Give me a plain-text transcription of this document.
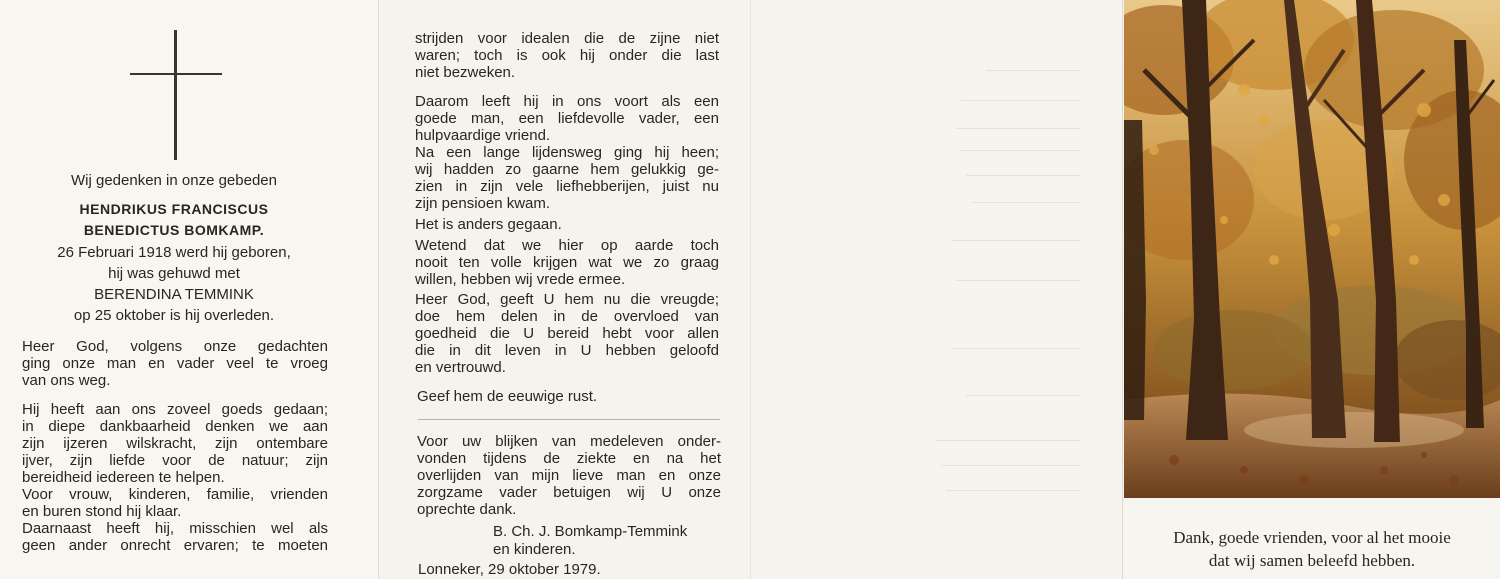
Wij gedenken in onze gebeden
HENDRIKUS FRANCISCUS
BENEDICTUS BOMKAMP.
26 Februari 1918 werd hij geboren,
hij was gehuwd met
BERENDINA TEMMINK
op 25 oktober is hij overleden.
Heer God, volgens onze gedachten
ging onze man en vader veel te vroeg
van ons weg.
Hij heeft aan ons zoveel goeds gedaan;
in diepe dankbaarheid denken we aan
zijn ijzeren wilskracht, zijn ontembare
ijver, zijn liefde voor de natuur; zijn
bereidheid iedereen te helpen.
Voor vrouw, kinderen, familie, vrienden
en buren stond hij klaar.
Daarnaast heeft hij, misschien wel als
geen ander onrecht ervaren; te moeten
strijden voor idealen die de zijne niet
waren; toch is ook hij onder die last
niet bezweken.
Daarom leeft hij in ons voort als een
goede man, een liefdevolle vader, een
hulpvaardige vriend.
Na een lange lijdensweg ging hij heen;
wij hadden zo gaarne hem gelukkig ge-
zien in zijn vele liefhebberijen, juist nu
zijn pensioen kwam.
Het is anders gegaan.
Wetend dat we hier op aarde toch
nooit ten volle krijgen wat we zo graag
willen, hebben wij vrede ermee.
Heer God, geeft U hem nu die vreugde;
doe hem delen in de overvloed van
goedheid die U bereid hebt voor allen
die in dit leven in U hebben geloofd
en vertrouwd.
Geef hem de eeuwige rust.
Voor uw blijken van medeleven onder-
vonden tijdens de ziekte en na het
overlijden van mijn lieve man en onze
zorgzame vader betuigen wij U onze
oprechte dank.
B. Ch. J. Bomkamp-Temmink
en kinderen.
Lonneker, 29 oktober 1979.
Dank, goede vrienden, voor al het mooie
dat wij samen beleefd hebben.
